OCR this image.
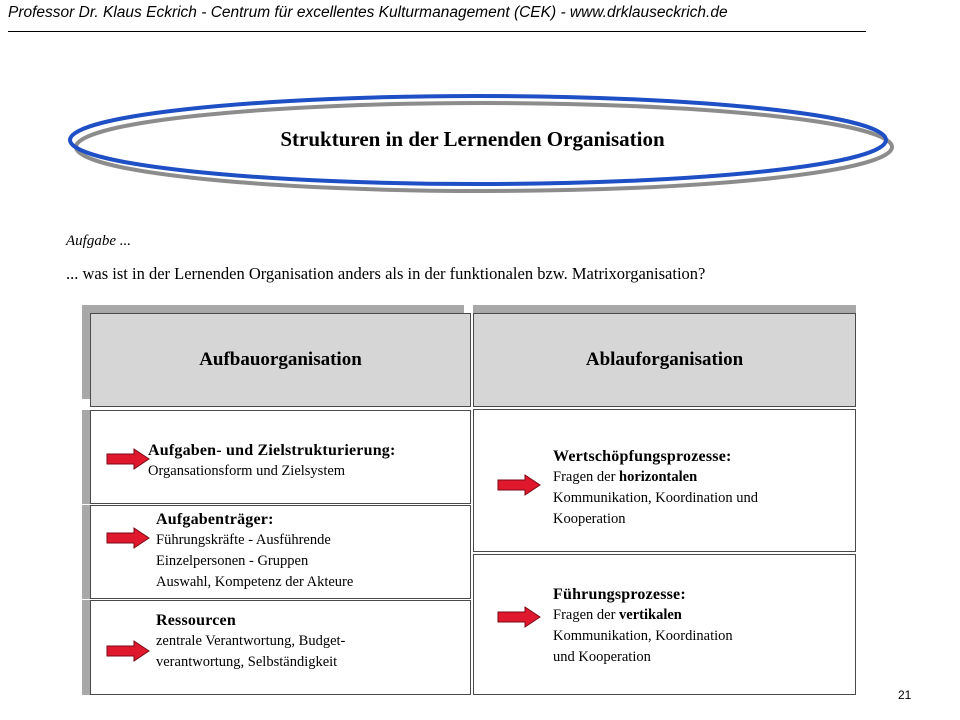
Professor Dr. Klaus Eckrich - Centrum für excellentes Kulturmanagement (CEK) - www.drklauseckrich.de
Strukturen in der Lernenden Organisation
Aufgabe ...
... was ist in der Lernenden Organisation anders als in der funktionalen bzw. Matrixorganisation?
Aufbauorganisation
Aufgaben- und Zielstrukturierung:
Organsationsform und Zielsystem
Aufgabenträger:
Führungskräfte - Ausführende
Einzelpersonen - Gruppen
Auswahl, Kompetenz der Akteure
Ressourcen
zentrale Verantwortung, Budget-
verantwortung, Selbständigkeit
Ablauforganisation
Wertschöpfungsprozesse:
Fragen der horizontalen
Kommunikation, Koordination und
Kooperation
Führungsprozesse:
Fragen der vertikalen
Kommunikation, Koordination
und Kooperation
21
